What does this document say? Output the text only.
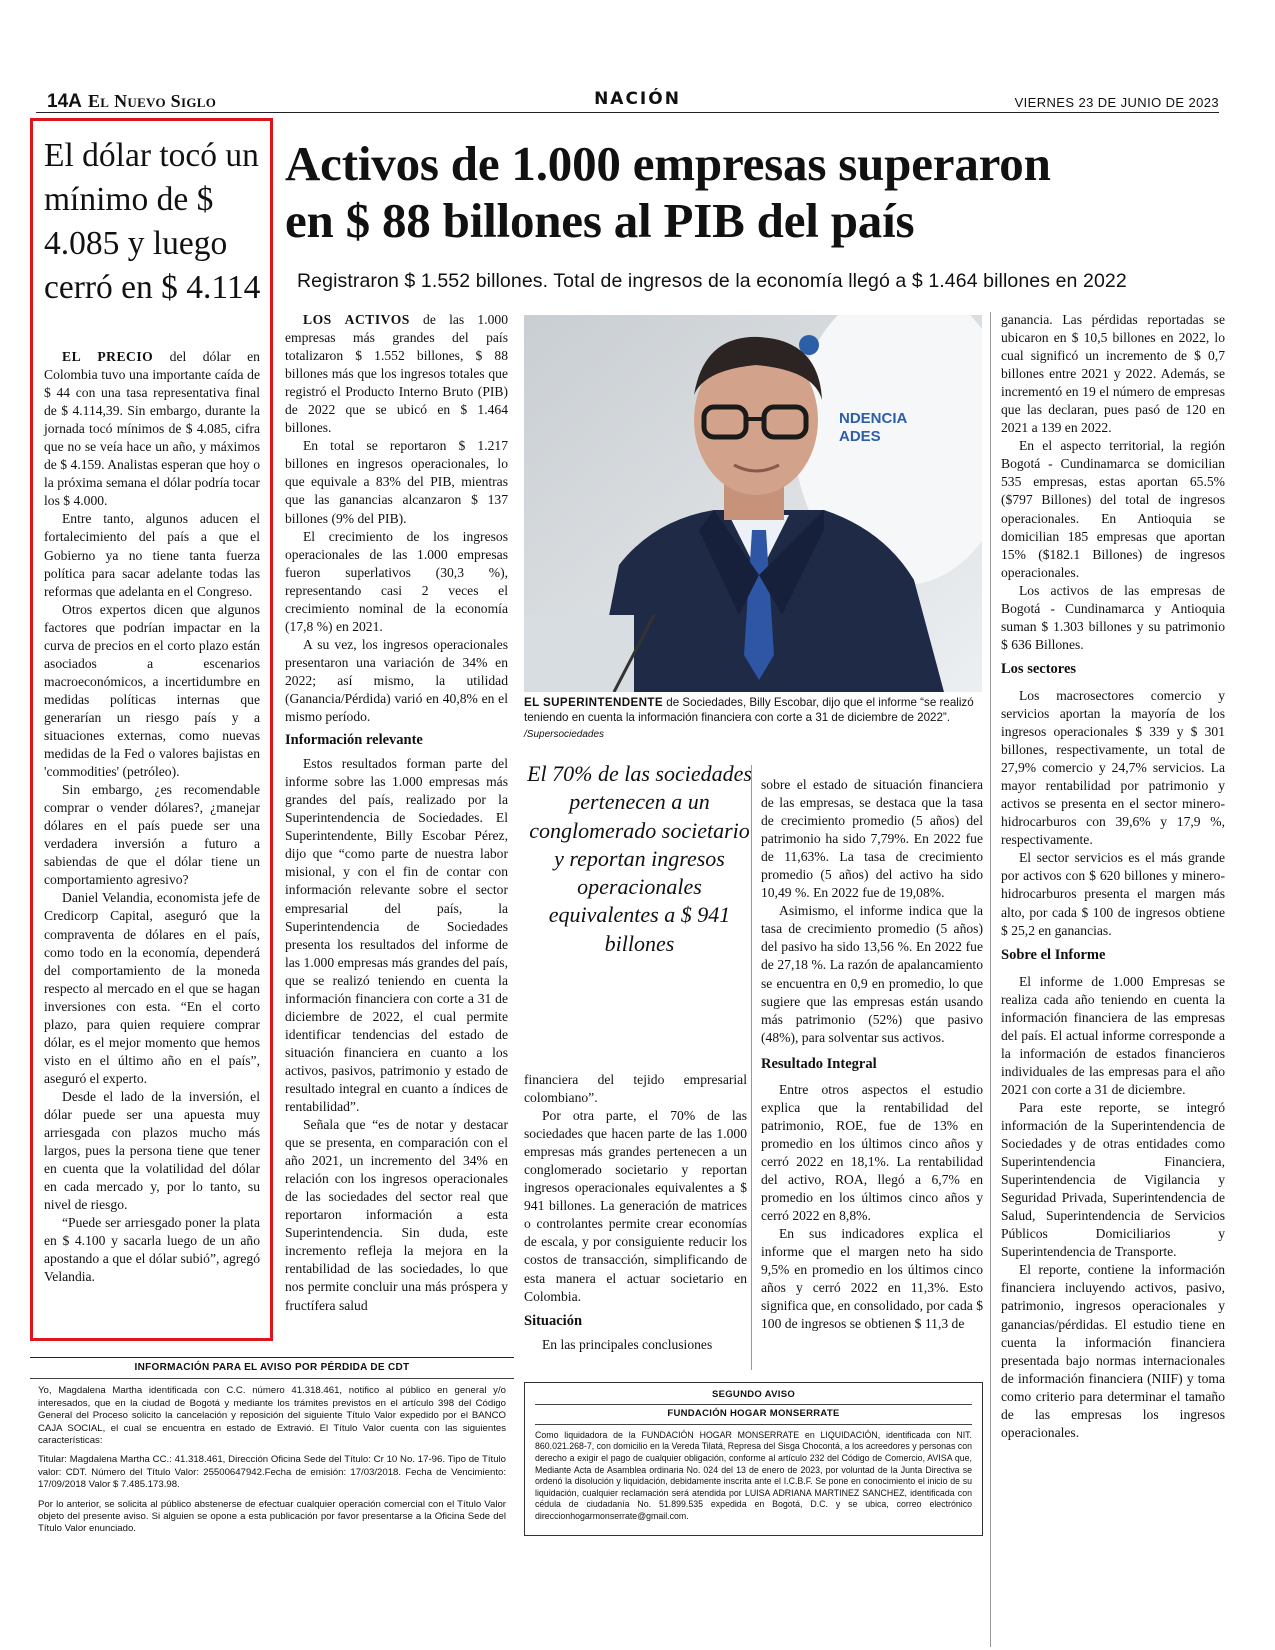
14A El Nuevo Siglo	NACIÓN	VIERNES 23 DE JUNIO DE 2023
El dólar tocó un mínimo de $ 4.085 y luego cerró en $ 4.114

EL PRECIO del dólar en Colombia tuvo una importante caída de $ 44 con una tasa representativa final de $ 4.114,39. Sin embargo, durante la jornada tocó mínimos de $ 4.085, cifra que no se veía hace un año, y máximos de $ 4.159. Analistas esperan que hoy o la próxima semana el dólar podría tocar los $ 4.000.

Entre tanto, algunos aducen el fortalecimiento del país a que el Gobierno ya no tiene tanta fuerza política para sacar adelante todas las reformas que adelanta en el Congreso.

Otros expertos dicen que algunos factores que podrían impactar en la curva de precios en el corto plazo están asociados a escenarios macroeconómicos, a incertidumbre en medidas políticas internas que generarían un riesgo país y a situaciones externas, como nuevas medidas de la Fed o valores bajistas en 'commodities' (petróleo).

Sin embargo, ¿es recomendable comprar o vender dólares?, ¿manejar dólares en el país puede ser una verdadera inversión a futuro a sabiendas de que el dólar tiene un comportamiento agresivo?

Daniel Velandia, economista jefe de Credicorp Capital, aseguró que la compraventa de dólares en el país, como todo en la economía, dependerá del comportamiento de la moneda respecto al mercado en el que se hagan inversiones con esta. “En el corto plazo, para quien requiere comprar dólar, es el mejor momento que hemos visto en el último año en el país”, aseguró el experto.

Desde el lado de la inversión, el dólar puede ser una apuesta muy arriesgada con plazos mucho más largos, pues la persona tiene que tener en cuenta que la volatilidad del dólar en cada mercado y, por lo tanto, su nivel de riesgo.

“Puede ser arriesgado poner la plata en $ 4.100 y sacarla luego de un año apostando a que el dólar subió”, agregó Velandia.

Activos de 1.000 empresas superaron
en $ 88 billones al PIB del país
Registraron $ 1.552 billones. Total de ingresos de la economía llegó a $ 1.464 billones en 2022

LOS ACTIVOS de las 1.000 empresas más grandes del país totalizaron $ 1.552 billones, $ 88 billones más que los ingresos totales que registró el Producto Interno Bruto (PIB) de 2022 que se ubicó en $ 1.464 billones.

En total se reportaron $ 1.217 billones en ingresos operacionales, lo que equivale a 83% del PIB, mientras que las ganancias alcanzaron $ 137 billones (9% del PIB).

El crecimiento de los ingresos operacionales de las 1.000 empresas fueron superlativos (30,3 %), representando casi 2 veces el crecimiento nominal de la economía (17,8 %) en 2021.

A su vez, los ingresos operacionales presentaron una variación de 34% en 2022; así mismo, la utilidad (Ganancia/Pérdida) varió en 40,8% en el mismo período.

Información relevante

Estos resultados forman parte del informe sobre las 1.000 empresas más grandes del país, realizado por la Superintendencia de Sociedades. El Superintendente, Billy Escobar Pérez, dijo que “como parte de nuestra labor misional, y con el fin de contar con información relevante sobre el sector empresarial del país, la Superintendencia de Sociedades presenta los resultados del informe de las 1.000 empresas más grandes del país, que se realizó teniendo en cuenta la información financiera con corte a 31 de diciembre de 2022, el cual permite identificar tendencias del estado de situación financiera en cuanto a los activos, pasivos, patrimonio y estado de resultado integral en cuanto a índices de rentabilidad”.

Señala que “es de notar y destacar que se presenta, en comparación con el año 2021, un incremento del 34% en relación con los ingresos operacionales de las sociedades del sector real que reportaron información a esta Superintendencia. Sin duda, este incremento refleja la mejora en la rentabilidad de las sociedades, lo que nos permite concluir una más próspera y fructífera salud

NDENCIA
ADES
EL SUPERINTENDENTE de Sociedades, Billy Escobar, dijo que el informe “se realizó teniendo en cuenta la información financiera con corte a 31 de diciembre de 2022”. /Supersociedades
El 70% de las sociedades pertenecen a un conglomerado societario y reportan ingresos operacionales equivalentes a $ 941 billones

financiera del tejido empresarial colombiano”.

Por otra parte, el 70% de las sociedades que hacen parte de las 1.000 empresas más grandes pertenecen a un conglomerado societario y reportan ingresos operacionales equivalentes a $ 941 billones. La generación de matrices o controlantes permite crear economías de escala, y por consiguiente reducir los costos de transacción, simplificando de esta manera el actuar societario en Colombia.

Situación

En las principales conclusiones

sobre el estado de situación financiera de las empresas, se destaca que la tasa de crecimiento promedio (5 años) del patrimonio ha sido 7,79%. En 2022 fue de 11,63%. La tasa de crecimiento promedio (5 años) del activo ha sido 10,49 %. En 2022 fue de 19,08%.

Asimismo, el informe indica que la tasa de crecimiento promedio (5 años) del pasivo ha sido 13,56 %. En 2022 fue de 27,18 %. La razón de apalancamiento se encuentra en 0,9 en promedio, lo que sugiere que las empresas están usando más patrimonio (52%) que pasivo (48%), para solventar sus activos.

Resultado Integral

Entre otros aspectos el estudio explica que la rentabilidad del patrimonio, ROE, fue de 13% en promedio en los últimos cinco años y cerró 2022 en 18,1%. La rentabilidad del activo, ROA, llegó a 6,7% en promedio en los últimos cinco años y cerró 2022 en 8,8%.

En sus indicadores explica el informe que el margen neto ha sido 9,5% en promedio en los últimos cinco años y cerró 2022 en 11,3%. Esto significa que, en consolidado, por cada $ 100 de ingresos se obtienen $ 11,3 de

ganancia. Las pérdidas reportadas se ubicaron en $ 10,5 billones en 2022, lo cual significó un incremento de $ 0,7 billones entre 2021 y 2022. Además, se incrementó en 19 el número de empresas que las declaran, pues pasó de 120 en 2021 a 139 en 2022.

En el aspecto territorial, la región Bogotá - Cundinamarca se domicilian 535 empresas, estas aportan 65.5% ($797 Billones) del total de ingresos operacionales. En Antioquia se domicilian 185 empresas que aportan 15% ($182.1 Billones) de ingresos operacionales.

Los activos de las empresas de Bogotá - Cundinamarca y Antioquia suman $ 1.303 billones y su patrimonio $ 636 Billones.

Los sectores

Los macrosectores comercio y servicios aportan la mayoría de los ingresos operacionales $ 339 y $ 301 billones, respectivamente, un total de 27,9% comercio y 24,7% servicios. La mayor rentabilidad por patrimonio y activos se presenta en el sector minero-hidrocarburos con 39,6% y 17,9 %, respectivamente.

El sector servicios es el más grande por activos con $ 620 billones y minero-hidrocarburos presenta el margen más alto, por cada $ 100 de ingresos obtiene $ 25,2 en ganancias.

Sobre el Informe

El informe de 1.000 Empresas se realiza cada año teniendo en cuenta la información financiera de las empresas del país. El actual informe corresponde a la información de estados financieros individuales de las empresas para el año 2021 con corte a 31 de diciembre.

Para este reporte, se integró información de la Superintendencia de Sociedades y de otras entidades como Superintendencia Financiera, Superintendencia de Vigilancia y Seguridad Privada, Superintendencia de Salud, Superintendencia de Servicios Públicos Domiciliarios y Superintendencia de Transporte.

El reporte, contiene la información financiera incluyendo activos, pasivo, patrimonio, ingresos operacionales y ganancias/pérdidas. El estudio tiene en cuenta la información financiera presentada bajo normas internacionales de información financiera (NIIF) y toma como criterio para determinar el tamaño de las empresas los ingresos operacionales.

INFORMACIÓN PARA EL AVISO POR PÉRDIDA DE CDT

Yo, Magdalena Martha identificada con C.C. número 41.318.461, notifico al público en general y/o interesados, que en la ciudad de Bogotá y mediante los trámites previstos en el artículo 398 del Código General del Proceso solicito la cancelación y reposición del siguiente Título Valor expedido por el BANCO CAJA SOCIAL, el cual se encuentra en estado de Extravió. El Título Valor cuenta con las siguientes características:

Titular: Magdalena Martha CC.: 41.318.461, Dirección Oficina Sede del Título: Cr 10 No. 17-96. Tipo de Título valor: CDT. Número del Título Valor: 25500647942.Fecha de emisión: 17/03/2018. Fecha de Vencimiento: 17/09/2018 Valor $ 7.485.173.98.

Por lo anterior, se solicita al público abstenerse de efectuar cualquier operación comercial con el Título Valor objeto del presente aviso. Si alguien se opone a esta publicación por favor presentarse a la Oficina Sede del Título Valor enunciado.

SEGUNDO AVISO
FUNDACIÓN HOGAR MONSERRATE
Como liquidadora de la FUNDACIÓN HOGAR MONSERRATE en LIQUIDACIÓN, identificada con NIT. 860.021.268-7, con domicilio en la Vereda Tilatá, Represa del Sisga Chocontá, a los acreedores y personas con derecho a exigir el pago de cualquier obligación, conforme al artículo 232 del Código de Comercio, AVISA que, Mediante Acta de Asamblea ordinaria No. 024 del 13 de enero de 2023, por voluntad de la Junta Directiva se ordenó la disolución y liquidación, debidamente inscrita ante el I.C.B.F. Se pone en conocimiento el inicio de su liquidación, cualquier reclamación será atendida por LUISA ADRIANA MARTINEZ SANCHEZ, identificada con cédula de ciudadanía No. 51.899.535 expedida en Bogotá, D.C. y se ubica, correo electrónico direccionhogarmonserrate@gmail.com.
